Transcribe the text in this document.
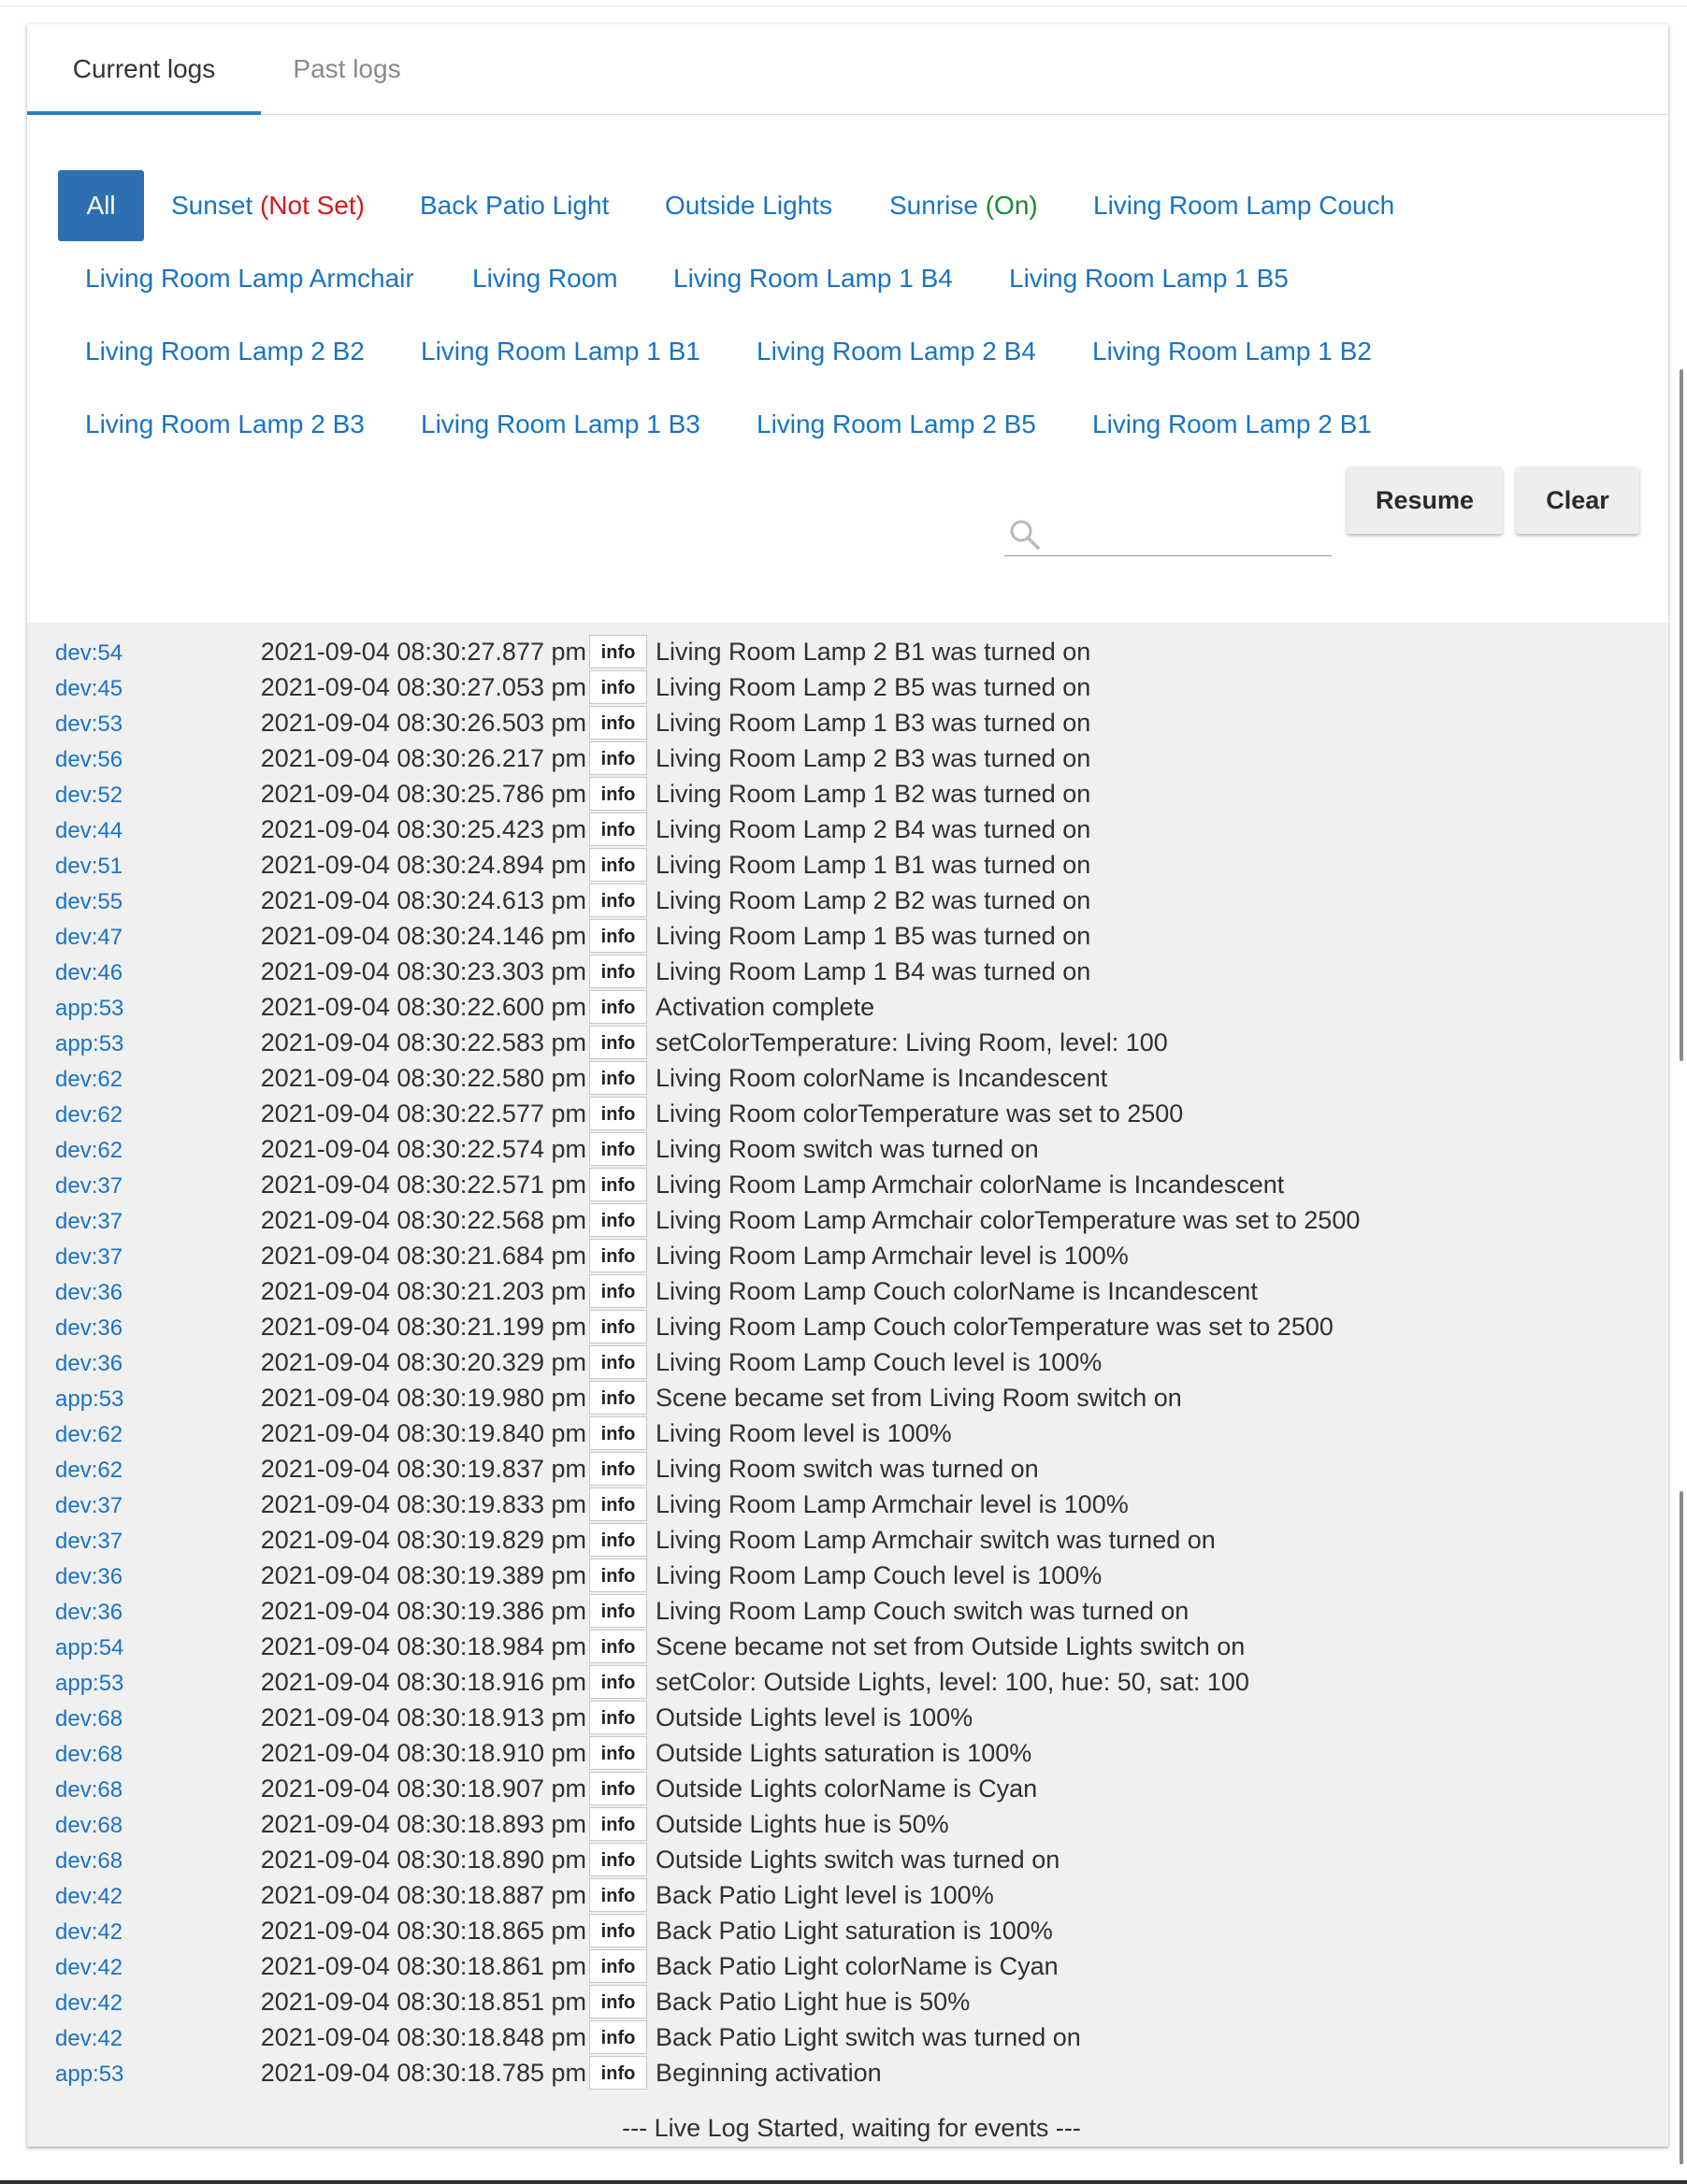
Current logs	Past logs
All	Sunset (Not Set) Back Patio Light Outside Lights Sunrise (On) Living Room Lamp Couch
Living Room Lamp Armchair Living Room Living Room Lamp 1 B4 Living Room Lamp 1 B5
Living Room Lamp 2 B2 Living Room Lamp 1 B1 Living Room Lamp 2 B4 Living Room Lamp 1 B2
Living Room Lamp 2 B3 Living Room Lamp 1 B3 Living Room Lamp 2 B5 Living Room Lamp 2 B1
Resume	Clear
dev:54	2021-09-04 08:30:27.877 pm info Living Room Lamp 2 B1 was turned on
dev:45	2021-09-04 08:30:27.053 pm info Living Room Lamp 2 B5 was turned on
dev:53	2021-09-04 08:30:26.503 pm info Living Room Lamp 1 B3 was turned on
dev:56	2021-09-04 08:30:26.217 pm info Living Room Lamp 2 B3 was turned on
dev:52	2021-09-04 08:30:25.786 pm info Living Room Lamp 1 B2 was turned on
dev:44	2021-09-04 08:30:25.423 pm info Living Room Lamp 2 B4 was turned on
dev:51	2021-09-04 08:30:24.894 pm info Living Room Lamp 1 B1 was turned on
dev:55	2021-09-04 08:30:24.613 pm info Living Room Lamp 2 B2 was turned on
dev:47	2021-09-04 08:30:24.146 pm info Living Room Lamp 1 B5 was turned on
dev:46	2021-09-04 08:30:23.303 pm info Living Room Lamp 1 B4 was turned on
app:53	2021-09-04 08:30:22.600 pm info Activation complete
app:53	2021-09-04 08:30:22.583 pm info setColorTemperature: Living Room, level: 100
dev:62	2021-09-04 08:30:22.580 pm info Living Room colorName is Incandescent
dev:62	2021-09-04 08:30:22.577 pm info Living Room colorTemperature was set to 2500
dev:62	2021-09-04 08:30:22.574 pm info Living Room switch was turned on
dev:37	2021-09-04 08:30:22.571 pm info Living Room Lamp Armchair colorName is Incandescent
dev:37	2021-09-04 08:30:22.568 pm info Living Room Lamp Armchair colorTemperature was set to 2500
dev:37	2021-09-04 08:30:21.684 pm info Living Room Lamp Armchair level is 100%
dev:36	2021-09-04 08:30:21.203 pm info Living Room Lamp Couch colorName is Incandescent
dev:36	2021-09-04 08:30:21.199 pm info Living Room Lamp Couch colorTemperature was set to 2500
dev:36	2021-09-04 08:30:20.329 pm info Living Room Lamp Couch level is 100%
app:53	2021-09-04 08:30:19.980 pm info Scene became set from Living Room switch on
dev:62	2021-09-04 08:30:19.840 pm info Living Room level is 100%
dev:62	2021-09-04 08:30:19.837 pm info Living Room switch was turned on
dev:37	2021-09-04 08:30:19.833 pm info Living Room Lamp Armchair level is 100%
dev:37	2021-09-04 08:30:19.829 pm info Living Room Lamp Armchair switch was turned on
dev:36	2021-09-04 08:30:19.389 pm info Living Room Lamp Couch level is 100%
dev:36	2021-09-04 08:30:19.386 pm info Living Room Lamp Couch switch was turned on
app:54	2021-09-04 08:30:18.984 pm info Scene became not set from Outside Lights switch on
app:53	2021-09-04 08:30:18.916 pm info setColor: Outside Lights, level: 100, hue: 50, sat: 100
dev:68	2021-09-04 08:30:18.913 pm info Outside Lights level is 100%
dev:68	2021-09-04 08:30:18.910 pm info Outside Lights saturation is 100%
dev:68	2021-09-04 08:30:18.907 pm info Outside Lights colorName is Cyan
dev:68	2021-09-04 08:30:18.893 pm info Outside Lights hue is 50%
dev:68	2021-09-04 08:30:18.890 pm info Outside Lights switch was turned on
dev:42	2021-09-04 08:30:18.887 pm info Back Patio Light level is 100%
dev:42	2021-09-04 08:30:18.865 pm info Back Patio Light saturation is 100%
dev:42	2021-09-04 08:30:18.861 pm info Back Patio Light colorName is Cyan
dev:42	2021-09-04 08:30:18.851 pm info Back Patio Light hue is 50%
dev:42	2021-09-04 08:30:18.848 pm info Back Patio Light switch was turned on
app:53	2021-09-04 08:30:18.785 pm info Beginning activation
--- Live Log Started, waiting for events ---
